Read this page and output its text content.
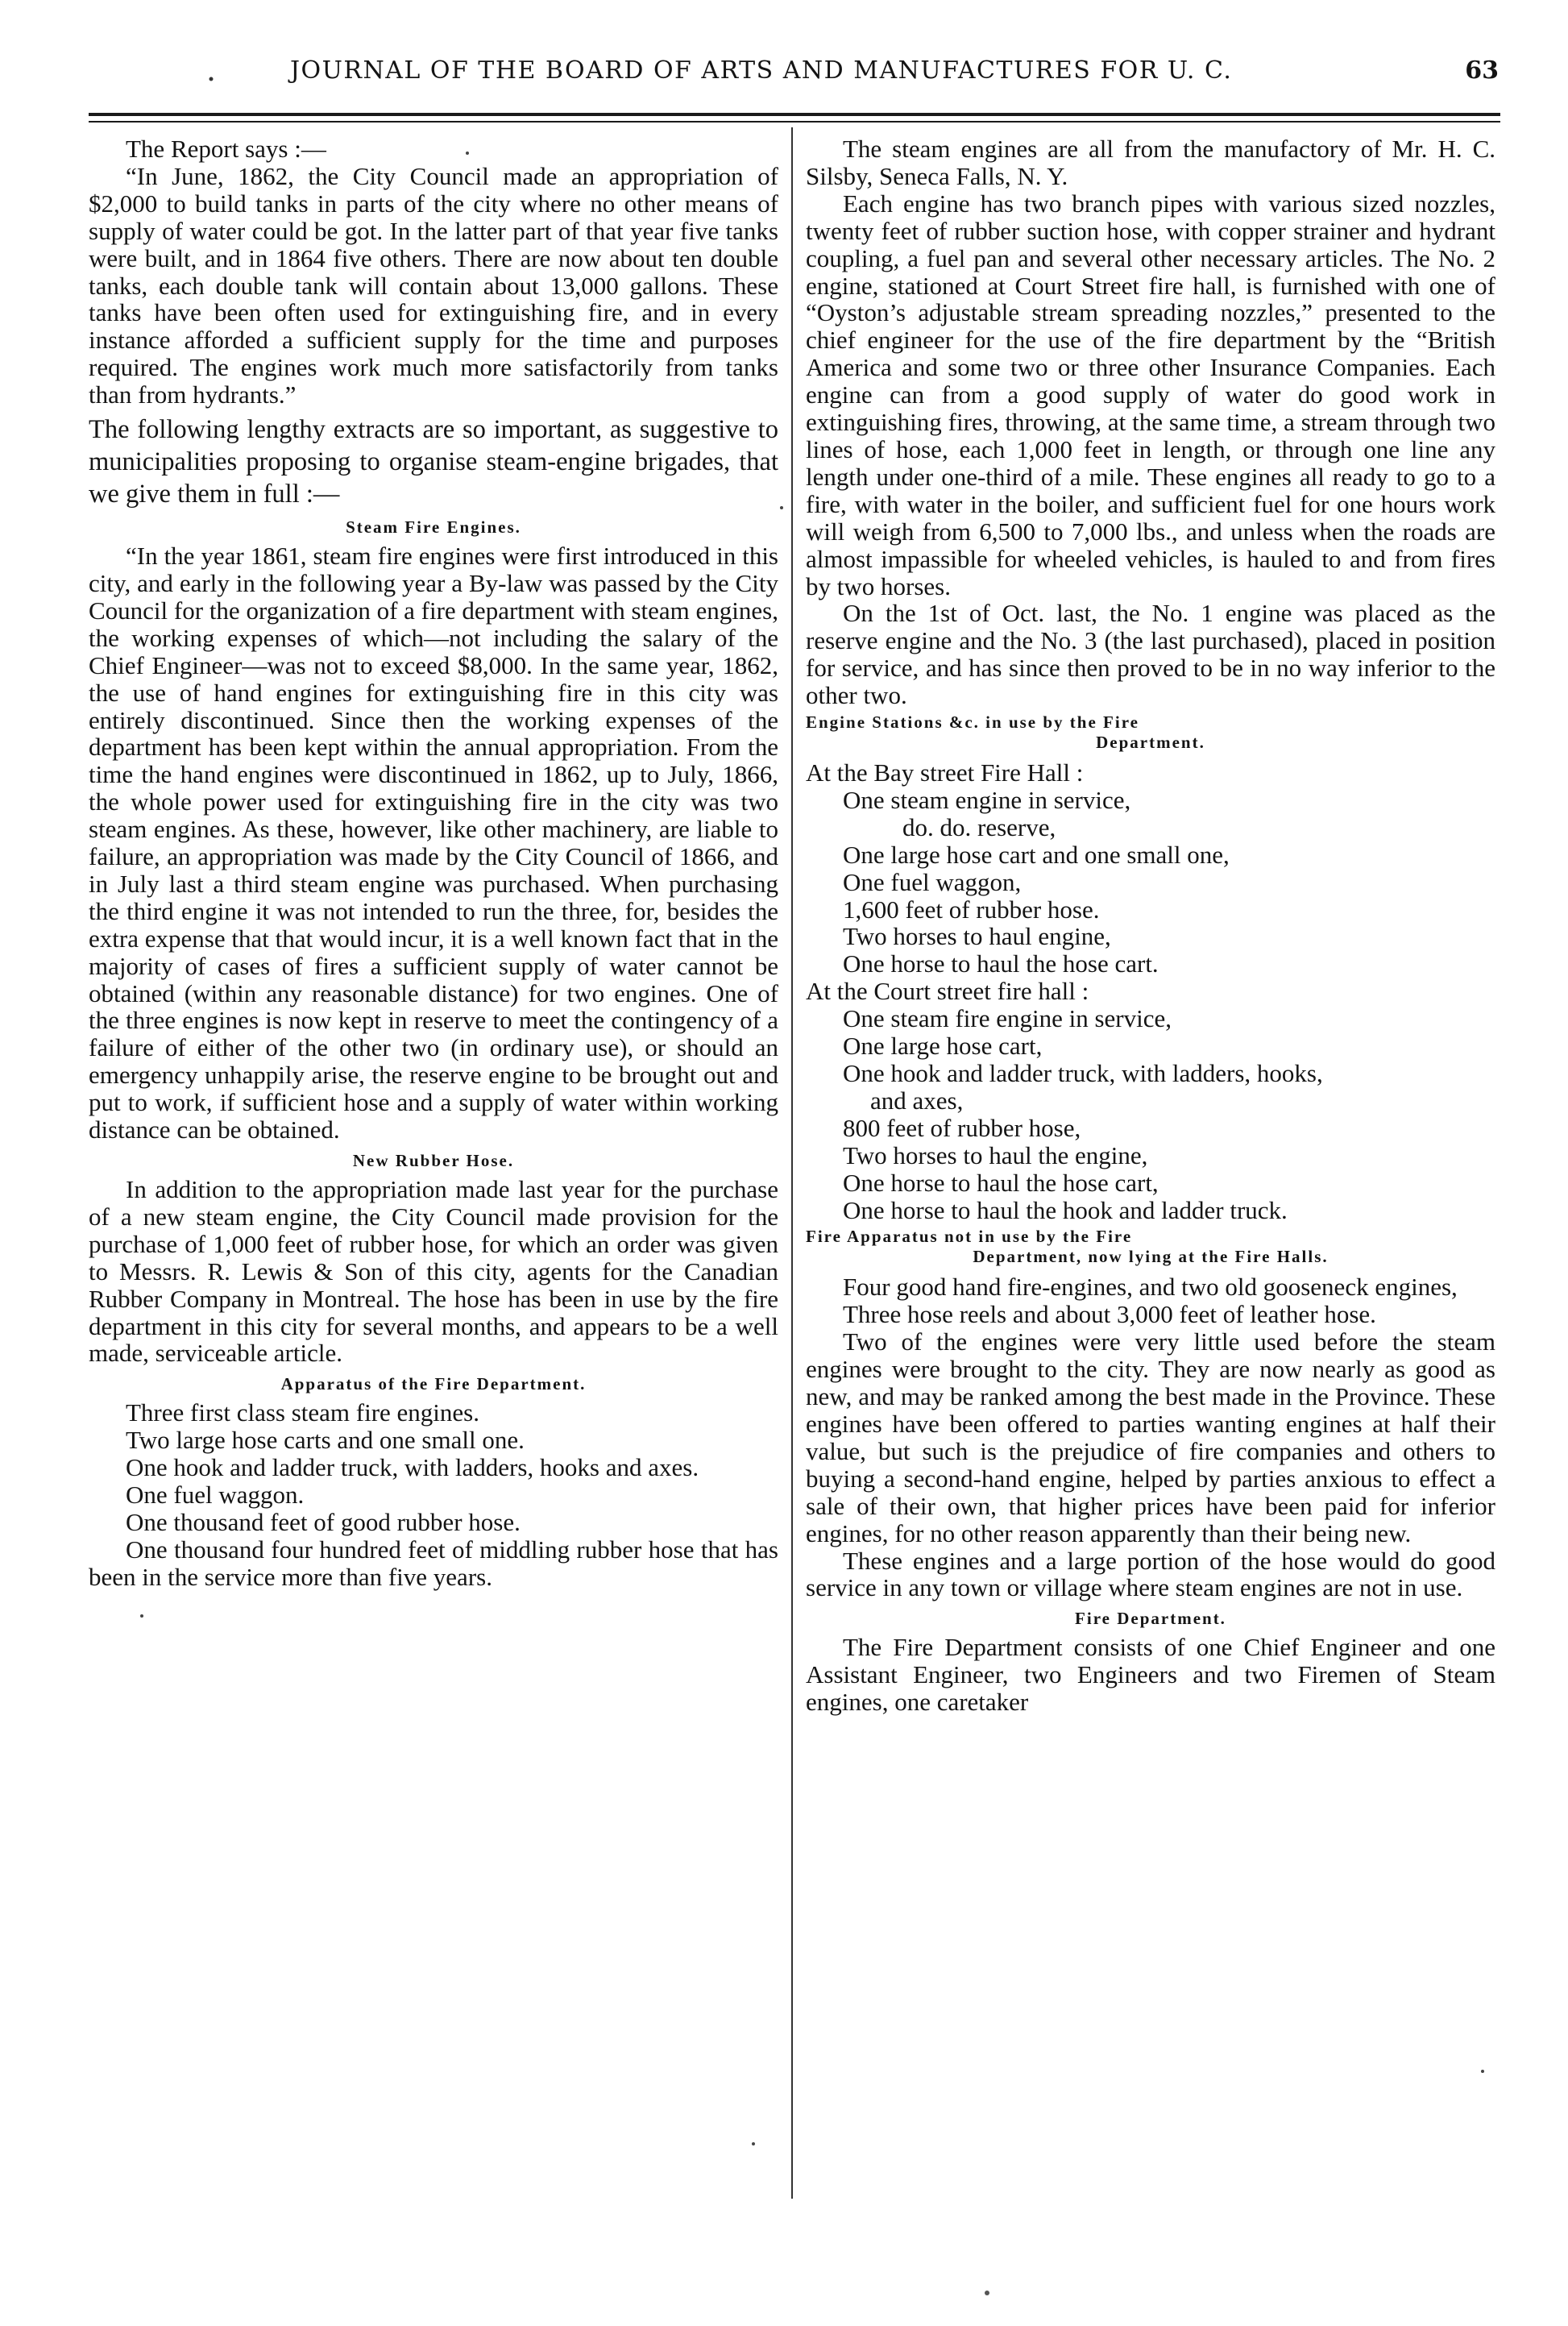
JOURNAL OF THE BOARD OF ARTS AND MANUFACTURES FOR U. C.	63

The Report says :—

“In June, 1862, the City Council made an appropriation of $2,000 to build tanks in parts of the city where no other means of supply of water could be got. In the latter part of that year five tanks were built, and in 1864 five others. There are now about ten double tanks, each double tank will contain about 13,000 gallons. These tanks have been often used for extinguishing fire, and in every instance afforded a sufficient supply for the time and purposes required. The engines work much more satisfactorily from tanks than from hydrants.”

The following lengthy extracts are so important, as suggestive to municipalities proposing to organise steam-engine brigades, that we give them in full :—

Steam Fire Engines.

“In the year 1861, steam fire engines were first introduced in this city, and early in the following year a By-law was passed by the City Council for the organization of a fire department with steam engines, the working expenses of which—not including the salary of the Chief Engineer—was not to exceed $8,000. In the same year, 1862, the use of hand engines for extinguishing fire in this city was entirely discontinued. Since then the working expenses of the department has been kept within the annual appropriation. From the time the hand engines were discontinued in 1862, up to July, 1866, the whole power used for extinguishing fire in the city was two steam engines. As these, however, like other machinery, are liable to failure, an appropriation was made by the City Council of 1866, and in July last a third steam engine was purchased. When purchasing the third engine it was not intended to run the three, for, besides the extra expense that that would incur, it is a well known fact that in the majority of cases of fires a sufficient supply of water cannot be obtained (within any reasonable distance) for two engines. One of the three engines is now kept in reserve to meet the contingency of a failure of either of the other two (in ordinary use), or should an emergency unhappily arise, the reserve engine to be brought out and put to work, if sufficient hose and a supply of water within working distance can be obtained.

New Rubber Hose.

In addition to the appropriation made last year for the purchase of a new steam engine, the City Council made provision for the purchase of 1,000 feet of rubber hose, for which an order was given to Messrs. R. Lewis & Son of this city, agents for the Canadian Rubber Company in Montreal. The hose has been in use by the fire department in this city for several months, and appears to be a well made, serviceable article.

Apparatus of the Fire Department.

Three first class steam fire engines.

Two large hose carts and one small one.

One hook and ladder truck, with ladders, hooks and axes.

One fuel waggon.

One thousand feet of good rubber hose.

One thousand four hundred feet of middling rubber hose that has been in the service more than five years.

The steam engines are all from the manufactory of Mr. H. C. Silsby, Seneca Falls, N. Y.

Each engine has two branch pipes with various sized nozzles, twenty feet of rubber suction hose, with copper strainer and hydrant coupling, a fuel pan and several other necessary articles. The No. 2 engine, stationed at Court Street fire hall, is furnished with one of “Oyston’s adjustable stream spreading nozzles,” presented to the chief engineer for the use of the fire department by the “British America and some two or three other Insurance Companies. Each engine can from a good supply of water do good work in extinguishing fires, throwing, at the same time, a stream through two lines of hose, each 1,000 feet in length, or through one line any length under one-third of a mile. These engines all ready to go to a fire, with water in the boiler, and sufficient fuel for one hours work will weigh from 6,500 to 7,000 lbs., and unless when the roads are almost impassible for wheeled vehicles, is hauled to and from fires by two horses.

On the 1st of Oct. last, the No. 1 engine was placed as the reserve engine and the No. 3 (the last purchased), placed in position for service, and has since then proved to be in no way inferior to the other two.

Engine Stations &c. in use by the Fire
Department.
At the Bay street Fire Hall :
One steam engine in service,
do. do. reserve,
One large hose cart and one small one,
One fuel waggon,
1,600 feet of rubber hose.
Two horses to haul engine,
One horse to haul the hose cart.
At the Court street fire hall :
One steam fire engine in service,
One large hose cart,
One hook and ladder truck, with ladders, hooks,
and axes,
800 feet of rubber hose,
Two horses to haul the engine,
One horse to haul the hose cart,
One horse to haul the hook and ladder truck.
Fire Apparatus not in use by the Fire
Department, now lying at the Fire Halls.

Four good hand fire-engines, and two old gooseneck engines,

Three hose reels and about 3,000 feet of leather hose.

Two of the engines were very little used before the steam engines were brought to the city. They are now nearly as good as new, and may be ranked among the best made in the Province. These engines have been offered to parties wanting engines at half their value, but such is the prejudice of fire companies and others to buying a second-hand engine, helped by parties anxious to effect a sale of their own, that higher prices have been paid for inferior engines, for no other reason apparently than their being new.

These engines and a large portion of the hose would do good service in any town or village where steam engines are not in use.

Fire Department.

The Fire Department consists of one Chief Engineer and one Assistant Engineer, two Engineers and two Firemen of Steam engines, one caretaker
